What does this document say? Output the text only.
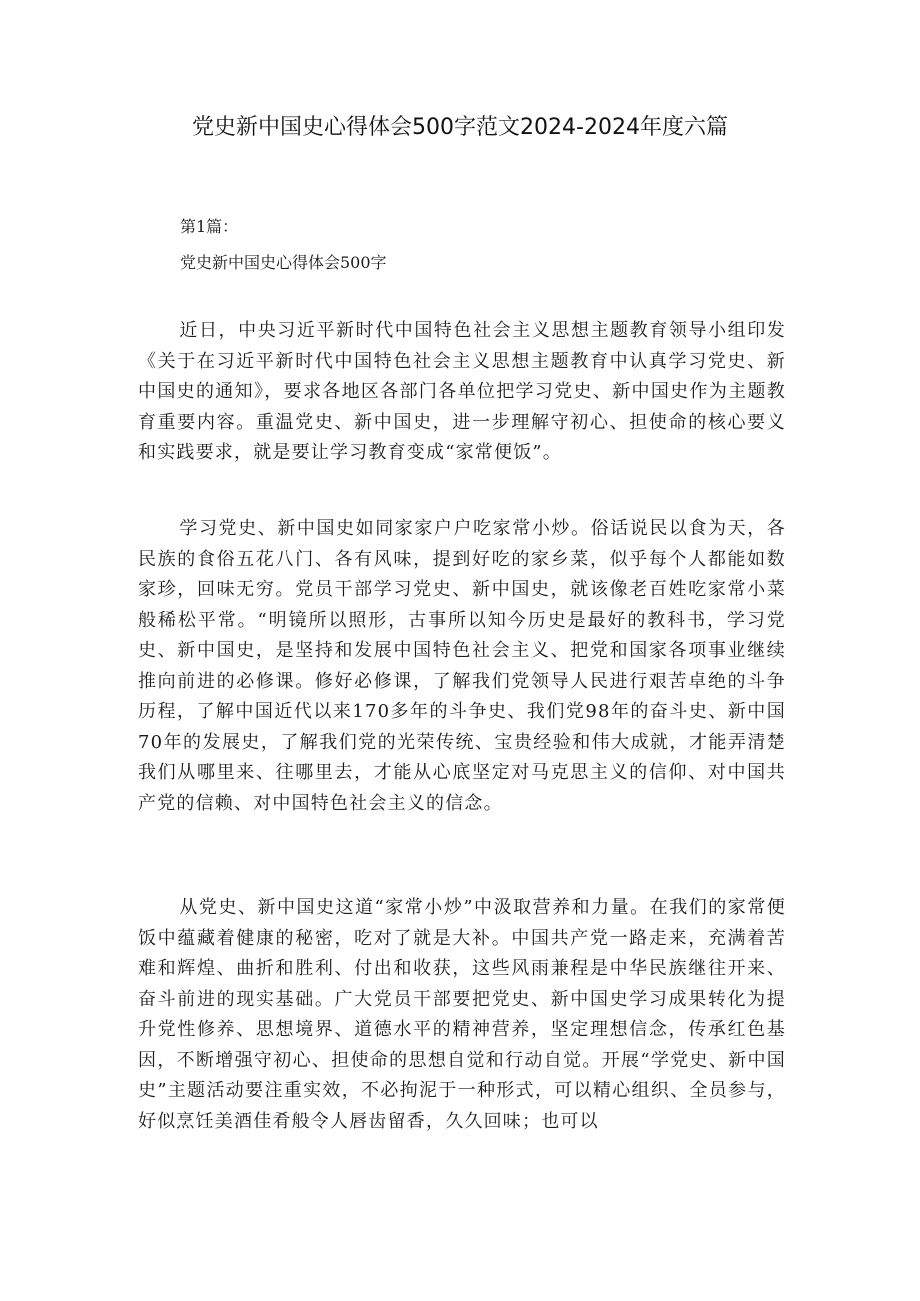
党史新中国史心得体会500字范文2024-2024年度六篇

第1篇：

党史新中国史心得体会500字

近日，中央习近平新时代中国特色社会主义思想主题教育领导小组印发《关于在习近平新时代中国特色社会主义思想主题教育中认真学习党史、新中国史的通知》，要求各地区各部门各单位把学习党史、新中国史作为主题教育重要内容。重温党史、新中国史，进一步理解守初心、担使命的核心要义和实践要求，就是要让学习教育变成“家常便饭”。

学习党史、新中国史如同家家户户吃家常小炒。俗话说民以食为天，各民族的食俗五花八门、各有风味，提到好吃的家乡菜，似乎每个人都能如数家珍，回味无穷。党员干部学习党史、新中国史，就该像老百姓吃家常小菜般稀松平常。“明镜所以照形，古事所以知今历史是最好的教科书，学习党史、新中国史，是坚持和发展中国特色社会主义、把党和国家各项事业继续推向前进的必修课。修好必修课，了解我们党领导人民进行艰苦卓绝的斗争历程，了解中国近代以来170多年的斗争史、我们党98年的奋斗史、新中国70年的发展史，了解我们党的光荣传统、宝贵经验和伟大成就，才能弄清楚我们从哪里来、往哪里去，才能从心底坚定对马克思主义的信仰、对中国共产党的信赖、对中国特色社会主义的信念。

从党史、新中国史这道“家常小炒”中汲取营养和力量。在我们的家常便饭中蕴藏着健康的秘密，吃对了就是大补。中国共产党一路走来，充满着苦难和辉煌、曲折和胜利、付出和收获，这些风雨兼程是中华民族继往开来、奋斗前进的现实基础。广大党员干部要把党史、新中国史学习成果转化为提升党性修养、思想境界、道德水平的精神营养，坚定理想信念，传承红色基因，不断增强守初心、担使命的思想自觉和行动自觉。开展“学党史、新中国史”主题活动要注重实效，不必拘泥于一种形式，可以精心组织、全员参与，好似烹饪美酒佳肴般令人唇齿留香，久久回味；也可以
